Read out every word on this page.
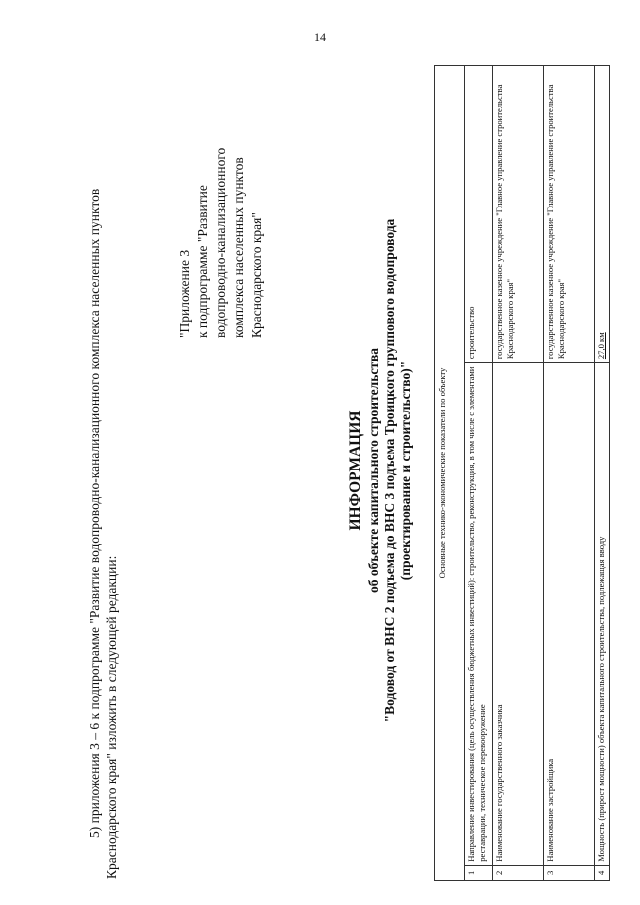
14
5) приложения 3 – 6 к подпрограмме "Развитие водопроводно-канализационного комплекса населенных пунктов Краснодарского края" изложить в следующей редакции:
"Приложение 3 к подпрограмме "Развитие водопроводно-канализационного комплекса населенных пунктов Краснодарского края"
ИНФОРМАЦИЯ об объекте капитального строительства "Водовод от ВНС 2 подъема до ВНС 3 подъема Троицкого группового водопровода (проектирование и строительство)"	Основные технико-экономические показатели по объекту		
1	Направление инвестирования (цель осуществления бюджетных инвестиций): строительство, реконструкция, в том числе с элементами реставрации, техническое перевооружение	строительство
2	Наименование государственного заказчика	государственное казенное учреждение "Главное управление строительства Краснодарского края"
3	Наименование застройщика	государственное казенное учреждение "Главное управление строительства Краснодарского края"
4	Мощность (прирост мощности) объекта капитального строительства, подлежащая вводу	27,0 км
